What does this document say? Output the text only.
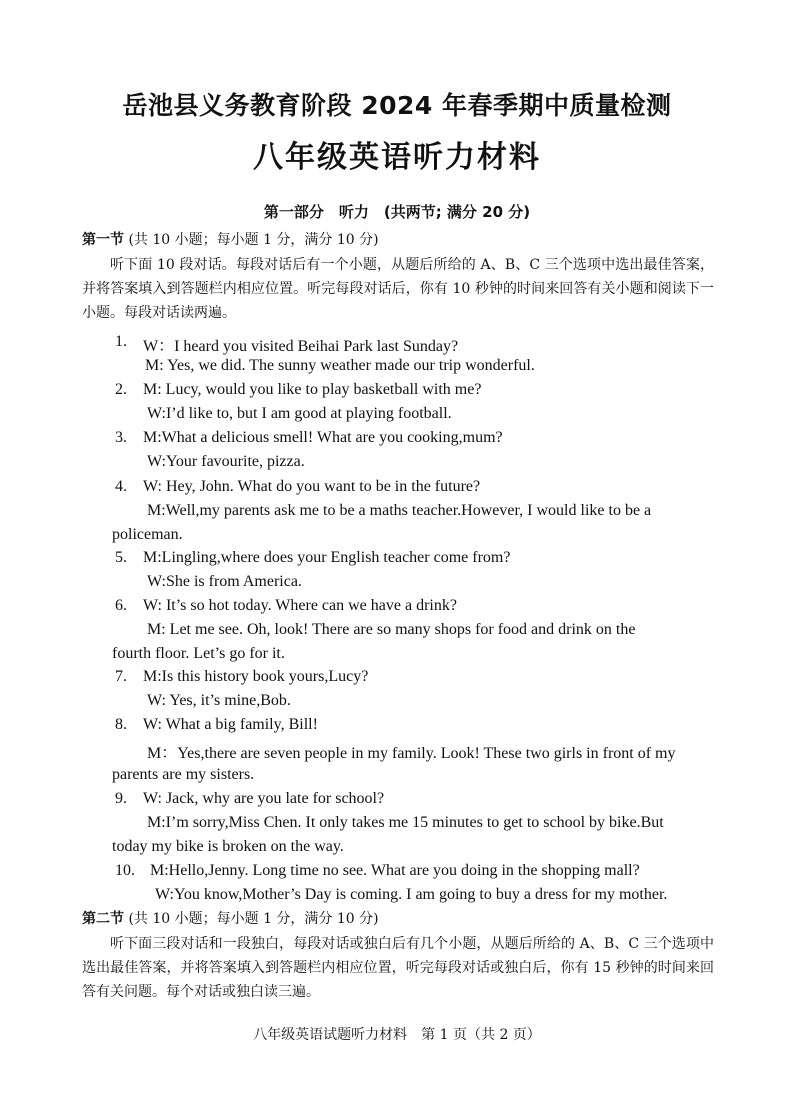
岳池县义务教育阶段 2024 年春季期中质量检测
八年级英语听力材料
第一部分　听力　(共两节; 满分 20 分)
第一节 (共 10 小题；每小题 1 分，满分 10 分)
听下面 10 段对话。每段对话后有一个小题，从题后所给的 A、B、C 三个选项中选出最佳答案，并将答案填入到答题栏内相应位置。听完每段对话后，你有 10 秒钟的时间来回答有关小题和阅读下一小题。每段对话读两遍。
1. W：I heard you visited Beihai Park last Sunday?
M: Yes, we did. The sunny weather made our trip wonderful.
2. M: Lucy, would you like to play basketball with me?
W:I’d like to, but I am good at playing football.
3. M:What a delicious smell! What are you cooking,mum?
W:Your favourite, pizza.
4. W: Hey, John. What do you want to be in the future?
M:Well,my parents ask me to be a maths teacher.However, I would like to be a
policeman.
5. M:Lingling,where does your English teacher come from?
W:She is from America.
6. W: It’s so hot today. Where can we have a drink?
M: Let me see. Oh, look! There are so many shops for food and drink on the
fourth floor. Let’s go for it.
7. M:Is this history book yours,Lucy?
W: Yes, it’s mine,Bob.
8. W: What a big family, Bill!
M：Yes,there are seven people in my family. Look! These two girls in front of my
parents are my sisters.
9. W: Jack, why are you late for school?
M:I’m sorry,Miss Chen. It only takes me 15 minutes to get to school by bike.But
today my bike is broken on the way.
10. M:Hello,Jenny. Long time no see. What are you doing in the shopping mall?
W:You know,Mother’s Day is coming. I am going to buy a dress for my mother.
第二节 (共 10 小题；每小题 1 分，满分 10 分)
听下面三段对话和一段独白，每段对话或独白后有几个小题，从题后所给的 A、B、C 三个选项中选出最佳答案，并将答案填入到答题栏内相应位置，听完每段对话或独白后，你有 15 秒钟的时间来回答有关问题。每个对话或独白读三遍。
八年级英语试题听力材料　第 1 页（共 2 页）
